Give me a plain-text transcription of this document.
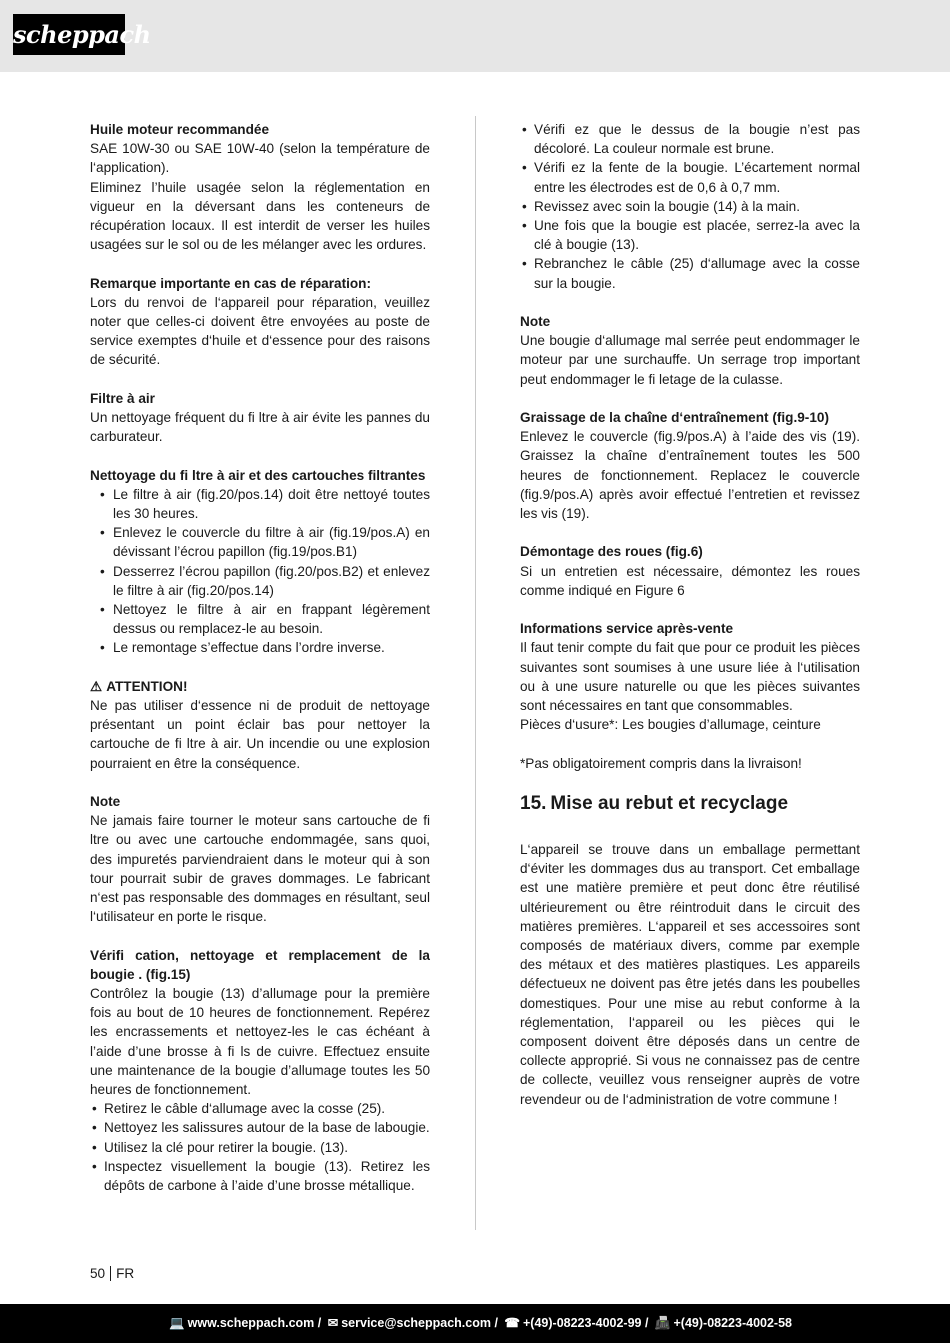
scheppach
Huile moteur recommandée

SAE 10W-30 ou SAE 10W-40 (selon la température de l‘application).

Eliminez l’huile usagée selon la réglementation en vigueur en la déversant dans les conteneurs de récupération locaux. Il est interdit de verser les huiles usagées sur le sol ou de les mélanger avec les ordures.

Remarque importante en cas de réparation:

Lors du renvoi de l‘appareil pour réparation, veuillez noter que celles-ci doivent être envoyées au poste de service exemptes d‘huile et d‘essence pour des raisons de sécurité.

Filtre à air

Un nettoyage fréquent du fi ltre à air évite les pannes du carburateur.

Nettoyage du fi ltre à air et des cartouches filtrantes
• Le filtre à air (fig.20/pos.14) doit être nettoyé toutes les 30 heures.
• Enlevez le couvercle du filtre à air (fig.19/pos.A) en dévissant l’écrou papillon (fig.19/pos.B1)
• Desserrez l’écrou papillon (fig.20/pos.B2) et enlevez le filtre à air (fig.20/pos.14)
• Nettoyez le filtre à air en frappant légèrement dessus ou remplacez-le au besoin.
• Le remontage s’effectue dans l’ordre inverse.
⚠ ATTENTION!

Ne pas utiliser d‘essence ni de produit de nettoyage présentant un point éclair bas pour nettoyer la cartouche de fi ltre à air. Un incendie ou une explosion pourraient en être la conséquence.

Note

Ne jamais faire tourner le moteur sans cartouche de fi ltre ou avec une cartouche endommagée, sans quoi, des impuretés parviendraient dans le moteur qui à son tour pourrait subir de graves dommages. Le fabricant n‘est pas responsable des dommages en résultant, seul l‘utilisateur en porte le risque.

Vérifi cation, nettoyage et remplacement de la bougie . (fig.15)

Contrôlez la bougie (13) d’allumage pour la première fois au bout de 10 heures de fonctionnement. Repérez les encrassements et nettoyez-les le cas échéant à l’aide d’une brosse à fi ls de cuivre. Effectuez ensuite une maintenance de la bougie d’allumage toutes les 50 heures de fonctionnement.

• Retirez le câble d‘allumage avec la cosse (25).
• Nettoyez les salissures autour de la base de labougie.
• Utilisez la clé pour retirer la bougie. (13).
• Inspectez visuellement la bougie (13). Retirez les dépôts de carbone à l’aide d’une brosse métallique.
• Vérifi ez que le dessus de la bougie n’est pas décoloré. La couleur normale est brune.
• Vérifi ez la fente de la bougie. L’écartement normal entre les électrodes est de 0,6 à 0,7 mm.
• Revissez avec soin la bougie (14) à la main.
• Une fois que la bougie est placée, serrez-la avec la clé à bougie (13).
• Rebranchez le câble (25) d‘allumage avec la cosse sur la bougie.
Note

Une bougie d‘allumage mal serrée peut endommager le moteur par une surchauffe. Un serrage trop important peut endommager le fi letage de la culasse.

Graissage de la chaîne d‘entraînement (fig.9-10)

Enlevez le couvercle (fig.9/pos.A) à l’aide des vis (19). Graissez la chaîne d’entraînement toutes les 500 heures de fonctionnement. Replacez le couvercle (fig.9/pos.A) après avoir effectué l’entretien et revissez les vis (19).

Démontage des roues (fig.6)

Si un entretien est nécessaire, démontez les roues comme indiqué en Figure 6

Informations service après-vente

Il faut tenir compte du fait que pour ce produit les pièces suivantes sont soumises à une usure liée à l‘utilisation ou à une usure naturelle ou que les pièces suivantes sont nécessaires en tant que consommables.

Pièces d‘usure*: Les bougies d’allumage, ceinture

*Pas obligatoirement compris dans la livraison!

15. Mise au rebut et recyclage

L‘appareil se trouve dans un emballage permettant d‘éviter les dommages dus au transport. Cet emballage est une matière première et peut donc être réutilisé ultérieurement ou être réintroduit dans le circuit des matières premières. L‘appareil et ses accessoires sont composés de matériaux divers, comme par exemple des métaux et des matières plastiques. Les appareils défectueux ne doivent pas être jetés dans les poubelles domestiques. Pour une mise au rebut conforme à la réglementation, l‘appareil ou les pièces qui le composent doivent être déposés dans un centre de collecte approprié. Si vous ne connaissez pas de centre de collecte, veuillez vous renseigner auprès de votre revendeur ou de l‘administration de votre commune !

50 FR
💻 www.scheppach.com / ✉ service@scheppach.com / ☎ +(49)-08223-4002-99 / 📠 +(49)-08223-4002-58
